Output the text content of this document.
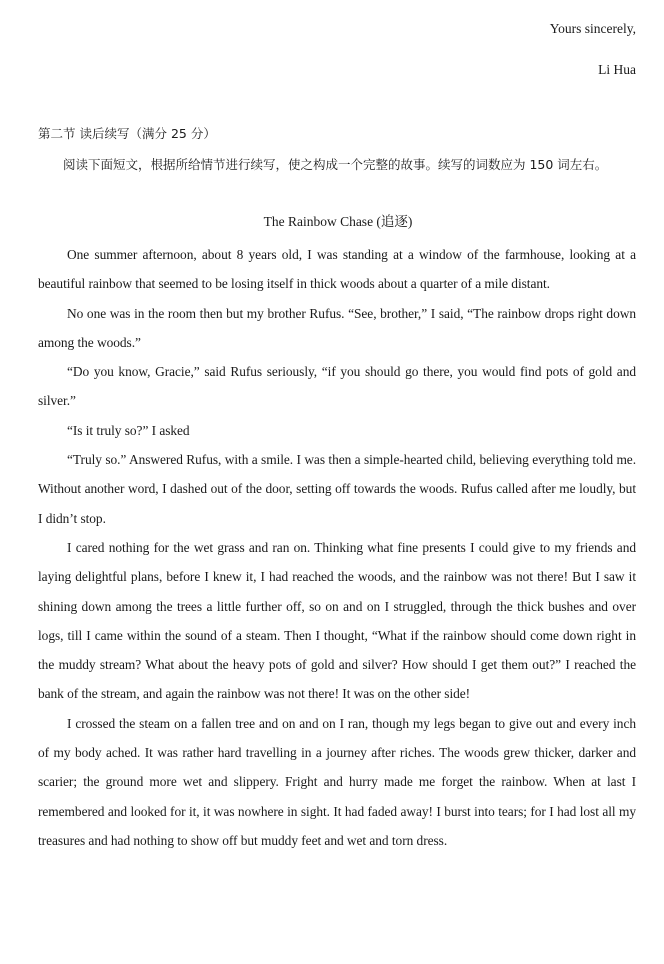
Yours sincerely,
Li Hua
第二节 读后续写（满分 25 分）
阅读下面短文，根据所给情节进行续写，使之构成一个完整的故事。续写的词数应为 150 词左右。
The Rainbow Chase (追逐)

One summer afternoon, about 8 years old, I was standing at a window of the farmhouse, looking at a beautiful rainbow that seemed to be losing itself in thick woods about a quarter of a mile distant.

No one was in the room then but my brother Rufus. “See, brother,” I said, “The rainbow drops right down among the woods.”

“Do you know, Gracie,” said Rufus seriously, “if you should go there, you would find pots of gold and silver.”

“Is it truly so?” I asked

“Truly so.” Answered Rufus, with a smile. I was then a simple-hearted child, believing everything told me. Without another word, I dashed out of the door, setting off towards the woods. Rufus called after me loudly, but I didn’t stop.

I cared nothing for the wet grass and ran on. Thinking what fine presents I could give to my friends and laying delightful plans, before I knew it, I had reached the woods, and the rainbow was not there! But I saw it shining down among the trees a little further off, so on and on I struggled, through the thick bushes and over logs, till I came within the sound of a steam. Then I thought, “What if the rainbow should come down right in the muddy stream? What about the heavy pots of gold and silver? How should I get them out?” I reached the bank of the stream, and again the rainbow was not there! It was on the other side!

I crossed the steam on a fallen tree and on and on I ran, though my legs began to give out and every inch of my body ached. It was rather hard travelling in a journey after riches. The woods grew thicker, darker and scarier; the ground more wet and slippery. Fright and hurry made me forget the rainbow. When at last I remembered and looked for it, it was nowhere in sight. It had faded away! I burst into tears; for I had lost all my treasures and had nothing to show off but muddy feet and wet and torn dress.
